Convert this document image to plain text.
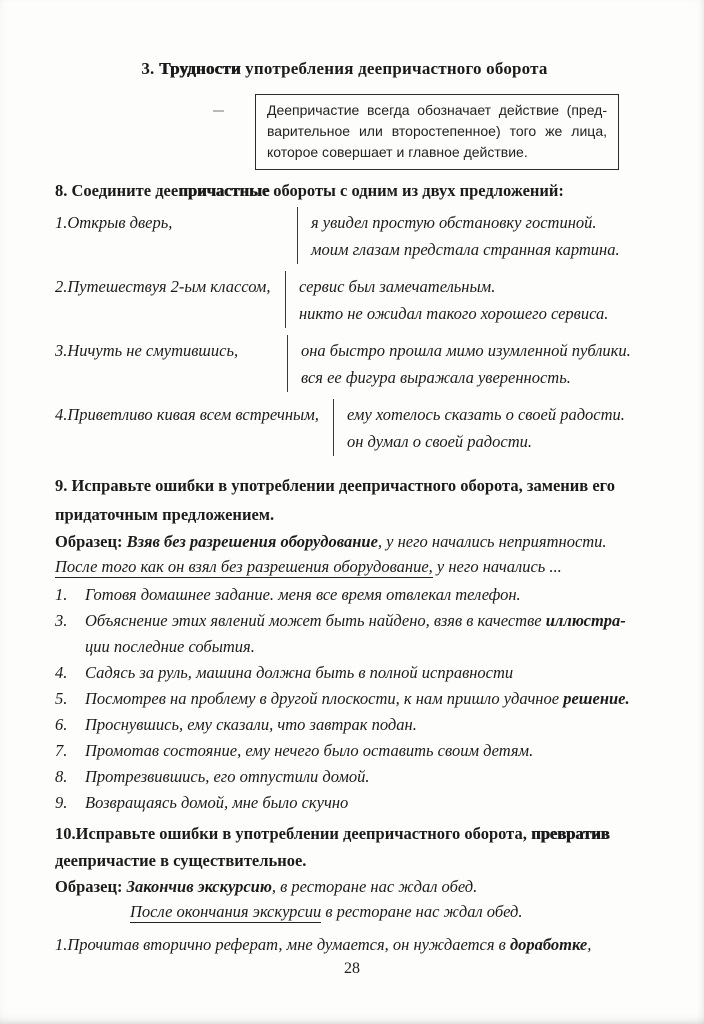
3. Трудности употребления деепричастного оборота
Деепричастие всегда обозначает действие (пред-
варительное или второстепенное) того же лица,
которое совершает и главное действие.
8. Соедините деепричастные обороты с одним из двух предложений:
1.Открыв дверь,	я увидел простую обстановку гостиной.
моим глазам предстала странная картина.
2.Путешествуя 2-ым классом,	сервис был замечательным.
никто не ожидал такого хорошего сервиса.
3.Ничуть не смутившись,	она быстро прошла мимо изумленной публики.
вся ее фигура выражала уверенность.
4.Приветливо кивая всем встречным,	ему хотелось сказать о своей радости.
он думал о своей радости.
9. Исправьте ошибки в употреблении деепричастного оборота, заменив его придаточным предложением.

Образец: Взяв без разрешения оборудование, у него начались неприятности.
После того как он взял без разрешения оборудование, у него начались ...

1.	Готовя домашнее задание. меня все время отвлекал телефон.
3.	Объяснение этих явлений может быть найдено, взяв в качестве иллюстра-
ции последние события.
4.	Садясь за руль, машина должна быть в полной исправности
5.	Посмотрев на проблему в другой плоскости, к нам пришло удачное решение.
6.	Проснувшись, ему сказали, что завтрак подан.
7.	Промотав состояние, ему нечего было оставить своим детям.
8.	Протрезвившись, его отпустили домой.
9.	Возвращаясь домой, мне было скучно
10.Исправьте ошибки в употреблении деепричастного оборота, превратив деепричастие в существительное.

Образец: Закончив экскурсию, в ресторане нас ждал обед.

После окончания экскурсии в ресторане нас ждал обед.

1.Прочитав вторично реферат, мне думается, он нуждается в доработке,

28
